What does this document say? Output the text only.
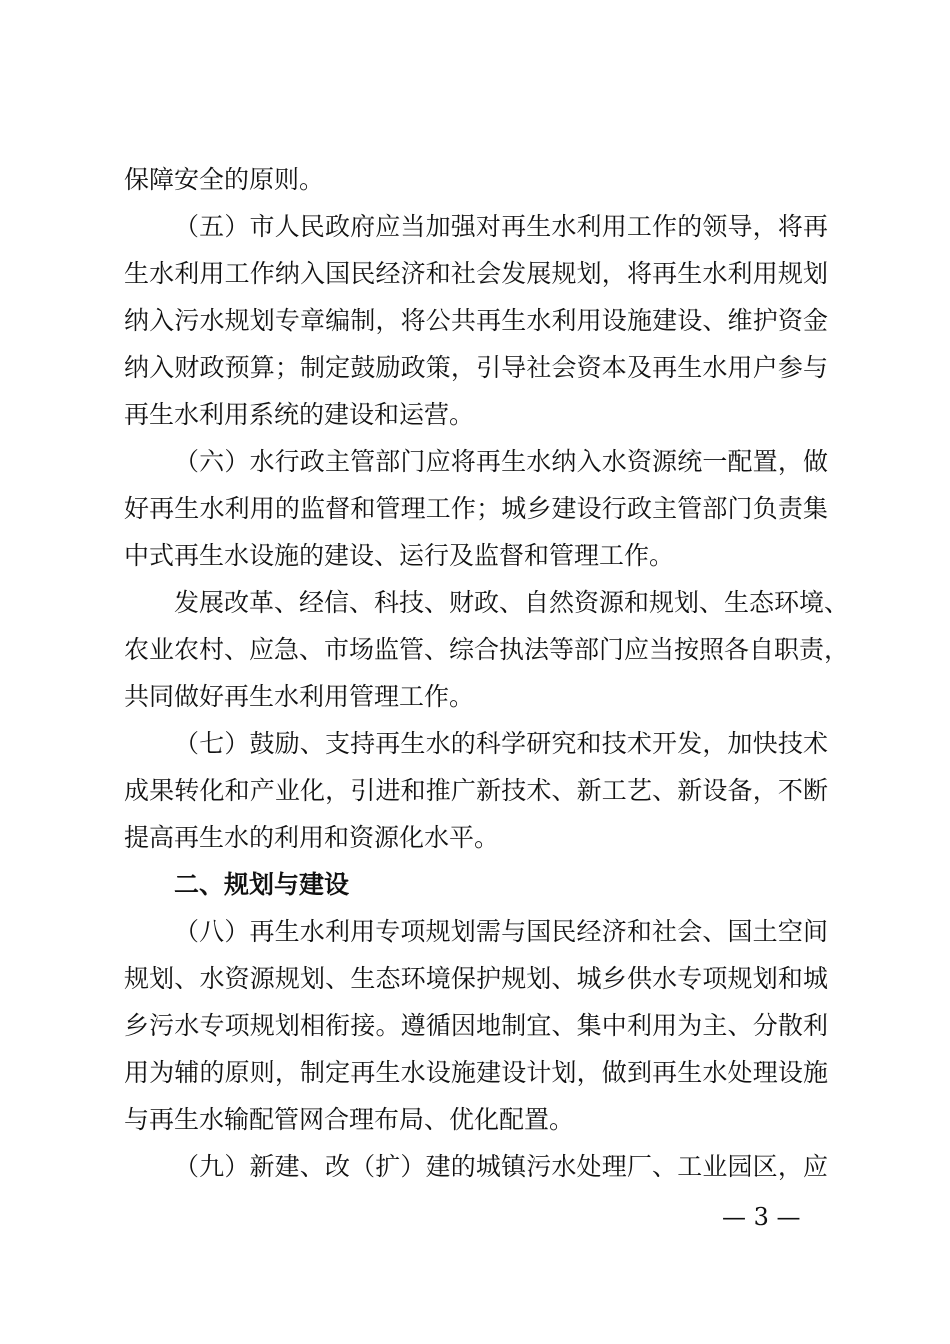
保障安全的原则。
（五）市人民政府应当加强对再生水利用工作的领导，将再
生水利用工作纳入国民经济和社会发展规划，将再生水利用规划
纳入污水规划专章编制，将公共再生水利用设施建设、维护资金
纳入财政预算；制定鼓励政策，引导社会资本及再生水用户参与
再生水利用系统的建设和运营。
（六）水行政主管部门应将再生水纳入水资源统一配置，做
好再生水利用的监督和管理工作；城乡建设行政主管部门负责集
中式再生水设施的建设、运行及监督和管理工作。
发展改革、经信、科技、财政、自然资源和规划、生态环境、
农业农村、应急、市场监管、综合执法等部门应当按照各自职责，
共同做好再生水利用管理工作。
（七）鼓励、支持再生水的科学研究和技术开发，加快技术
成果转化和产业化，引进和推广新技术、新工艺、新设备，不断
提高再生水的利用和资源化水平。
二、规划与建设
（八）再生水利用专项规划需与国民经济和社会、国土空间
规划、水资源规划、生态环境保护规划、城乡供水专项规划和城
乡污水专项规划相衔接。遵循因地制宜、集中利用为主、分散利
用为辅的原则，制定再生水设施建设计划，做到再生水处理设施
与再生水输配管网合理布局、优化配置。
（九）新建、改（扩）建的城镇污水处理厂、工业园区，应
— 3 —
